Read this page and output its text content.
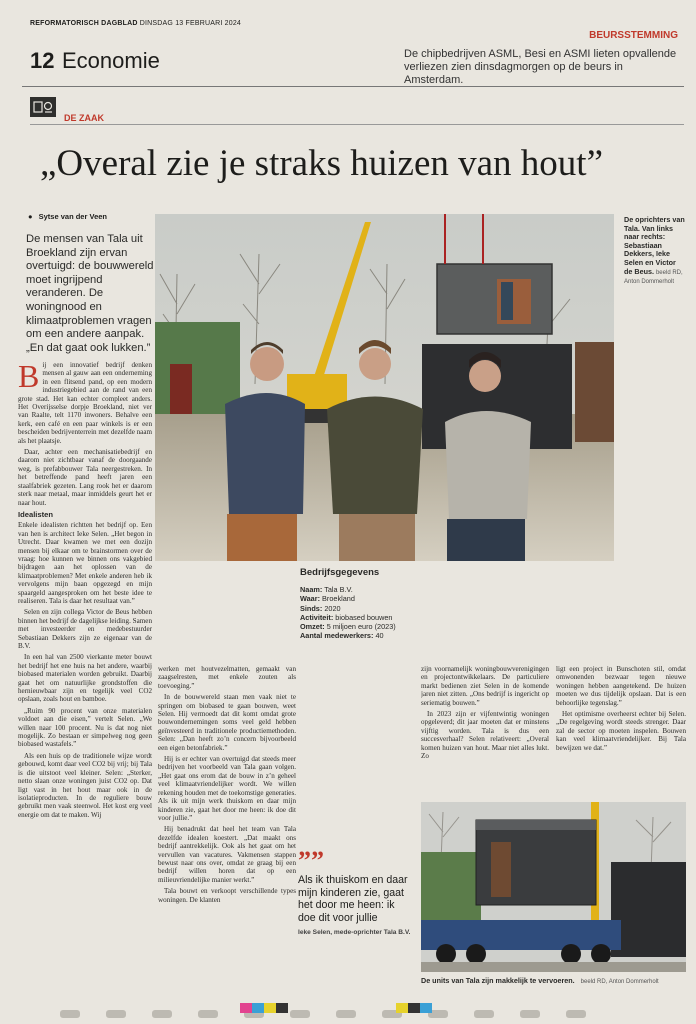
REFORMATORISCH DAGBLAD DINSDAG 13 FEBRUARI 2024
12 Economie
BEURSSTEMMING
De chipbedrijven ASML, Besi en ASMI lieten opvallende verliezen zien dinsdagmorgen op de beurs in Amsterdam.
DE ZAAK
„Overal zie je straks huizen van hout”
● Sytse van der Veen
De mensen van Tala uit Broekland zijn ervan overtuigd: de bouwwereld moet ingrijpend veranderen. De woningnood en klimaatproblemen vragen om een andere aanpak. „En dat gaat ook lukken.”
De oprichters van Tala. Van links naar rechts: Sebastiaan Dekkers, Ieke Selen en Victor de Beus. beeld RD, Anton Dommerholt

Bij een innovatief bedrijf denken mensen al gauw aan een onderneming in een flitsend pand, op een modern industriegebied aan de rand van een grote stad. Het kan echter compleet anders. Het Overijsselse dorpje Broekland, niet ver van Raalte, telt 1170 inwoners. Behalve een kerk, een café en een paar winkels is er een bescheiden bedrijventerrein met dezelfde naam als het plaatsje.

Daar, achter een mechanisatiebedrijf en daarom niet zichtbaar vanaf de doorgaande weg, is prefabbouwer Tala neergestreken. In het betreffende pand heeft jaren een staalfabriek gezeten. Lang rook het er daarom sterk naar metaal, maar inmiddels geurt het er naar hout.

Idealisten

Enkele idealisten richtten het bedrijf op. Een van hen is architect Ieke Selen. „Het begon in Utrecht. Daar kwamen we met een dozijn mensen bij elkaar om te brainstormen over de vraag: hoe kunnen we binnen ons vakgebied bijdragen aan het oplossen van de klimaatproblemen? Met enkele anderen heb ik vervolgens mijn baan opgezegd en mijn spaargeld aangesproken om het beste idee te realiseren. Tala is daar het resultaat van.”

Selen en zijn collega Victor de Beus hebben binnen het bedrijf de dagelijkse leiding. Samen met investeerder en medebestuurder Sebastiaan Dekkers zijn ze eigenaar van de B.V.

In een hal van 2500 vierkante meter bouwt het bedrijf het ene huis na het andere, waarbij biobased materialen worden gebruikt. Daarbij gaat het om natuurlijke grondstoffen die hernieuwbaar zijn en tegelijk veel CO2 opslaan, zoals hout en bamboe.

„Ruim 90 procent van onze materialen voldoet aan die eisen,” vertelt Selen. „We willen naar 100 procent. Nu is dat nog niet mogelijk. Zo bestaan er simpelweg nog geen biobased wastafels.”

Als een huis op de traditionele wijze wordt gebouwd, komt daar veel CO2 bij vrij; bij Tala is die uitstoot veel kleiner. Selen: „Sterker, netto slaan onze woningen juist CO2 op. Dat ligt vast in het hout maar ook in de isolatieproducten. In de reguliere bouw gebruikt men vaak steenwol. Het kost erg veel energie om dat te maken. Wij

Bedrijfsgegevens
Naam: Tala B.V.
Waar: Broekland
Sinds: 2020
Activiteit: biobased bouwen
Omzet: 5 miljoen euro (2023)
Aantal medewerkers: 40

werken met houtvezelmatten, gemaakt van zaagselresten, met enkele zouten als toevoeging.”

In de bouwwereld staan men vaak niet te springen om biobased te gaan bouwen, weet Selen. Hij vermoedt dat dit komt omdat grote bouwondernemingen soms veel geld hebben geïnvesteerd in traditionele productiemethoden. Selen: „Dan heeft zo’n concern bijvoorbeeld een eigen betonfabriek.”

Hij is er echter van overtuigd dat steeds meer bedrijven het voorbeeld van Tala gaan volgen. „Het gaat ons erom dat de bouw in z’n geheel veel klimaatvriendelijker wordt. We willen rekening houden met de toekomstige generaties. Als ik uit mijn werk thuiskom en daar mijn kinderen zie, gaat het door me heen: ik doe dit voor jullie.”

Hij benadrukt dat heel het team van Tala dezelfde idealen koestert. „Dat maakt ons bedrijf aantrekkelijk. Ook als het gaat om het vervullen van vacatures. Vakmensen stappen bewust naar ons over, omdat ze graag bij een bedrijf willen horen dat op een milieuvriendelijke manier werkt.”

Tala bouwt en verkoopt verschillende types woningen. De klanten

””
Als ik thuiskom en daar mijn kinderen zie, gaat het door me heen: ik doe dit voor jullie
Ieke Selen, mede-oprichter Tala B.V.

zijn voornamelijk woningbouwverenigingen en projectontwikkelaars. De particuliere markt bedienen ziet Selen in de komende jaren niet zitten. „Ons bedrijf is ingericht op seriematig bouwen.”

In 2023 zijn er vijfentwintig woningen opgeleverd; dit jaar moeten dat er minstens vijftig worden. Tala is dus een succesverhaal? Selen relativeert: „Overal komen huizen van hout. Maar niet alles lukt. Zo

ligt een project in Bunschoten stil, omdat omwonenden bezwaar tegen nieuwe woningen hebben aangetekend. De huizen moeten we dus tijdelijk opslaan. Dat is een behoorlijke tegenslag.”

Het optimisme overheerst echter bij Selen. „De regelgeving wordt steeds strenger. Daar zal de sector op moeten inspelen. Bouwen kan veel klimaatvriendelijker. Bij Tala bewijzen we dat.”

De units van Tala zijn makkelijk te vervoeren. beeld RD, Anton Dommerholt
